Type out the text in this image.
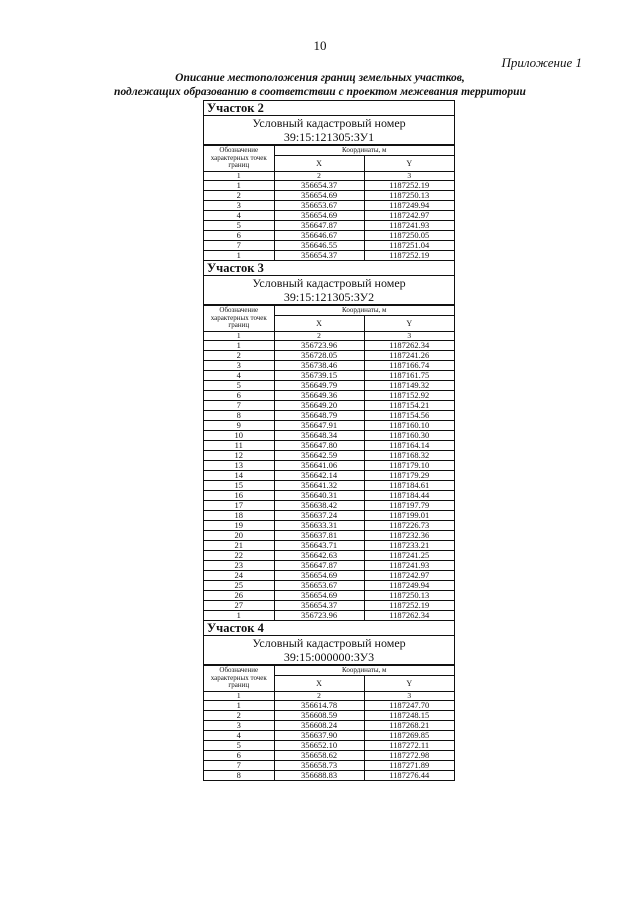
10
Приложение 1
Описание местоположения границ земельных участков,
подлежащих образованию в соответствии с проектом межевания территории
Участок 2
Условный кадастровый номер
39:15:121305:ЗУ1
Обозначение характерных точек границ	Координаты, м	
	X	Y
1	2	3
1	356654.37	1187252.19
2	356654.69	1187250.13
3	356653.67	1187249.94
4	356654.69	1187242.97
5	356647.87	1187241.93
6	356646.67	1187250.05
7	356646.55	1187251.04
1	356654.37	1187252.19
Участок 3
Условный кадастровый номер
39:15:121305:ЗУ2
Обозначение характерных точек границ	Координаты, м	
	X	Y
1	2	3
1	356723.96	1187262.34
2	356728.05	1187241.26
3	356738.46	1187166.74
4	356739.15	1187161.75
5	356649.79	1187149.32
6	356649.36	1187152.92
7	356649.20	1187154.21
8	356648.79	1187154.56
9	356647.91	1187160.10
10	356648.34	1187160.30
11	356647.80	1187164.14
12	356642.59	1187168.32
13	356641.06	1187179.10
14	356642.14	1187179.29
15	356641.32	1187184.61
16	356640.31	1187184.44
17	356638.42	1187197.79
18	356637.24	1187199.01
19	356633.31	1187226.73
20	356637.81	1187232.36
21	356643.71	1187233.21
22	356642.63	1187241.25
23	356647.87	1187241.93
24	356654.69	1187242.97
25	356653.67	1187249.94
26	356654.69	1187250.13
27	356654.37	1187252.19
1	356723.96	1187262.34
Участок 4
Условный кадастровый номер
39:15:000000:ЗУ3
Обозначение характерных точек границ	Координаты, м	
	X	Y
1	2	3
1	356614.78	1187247.70
2	356608.59	1187248.15
3	356608.24	1187268.21
4	356637.90	1187269.85
5	356652.10	1187272.11
6	356658.62	1187272.98
7	356658.73	1187271.89
8	356688.83	1187276.44
